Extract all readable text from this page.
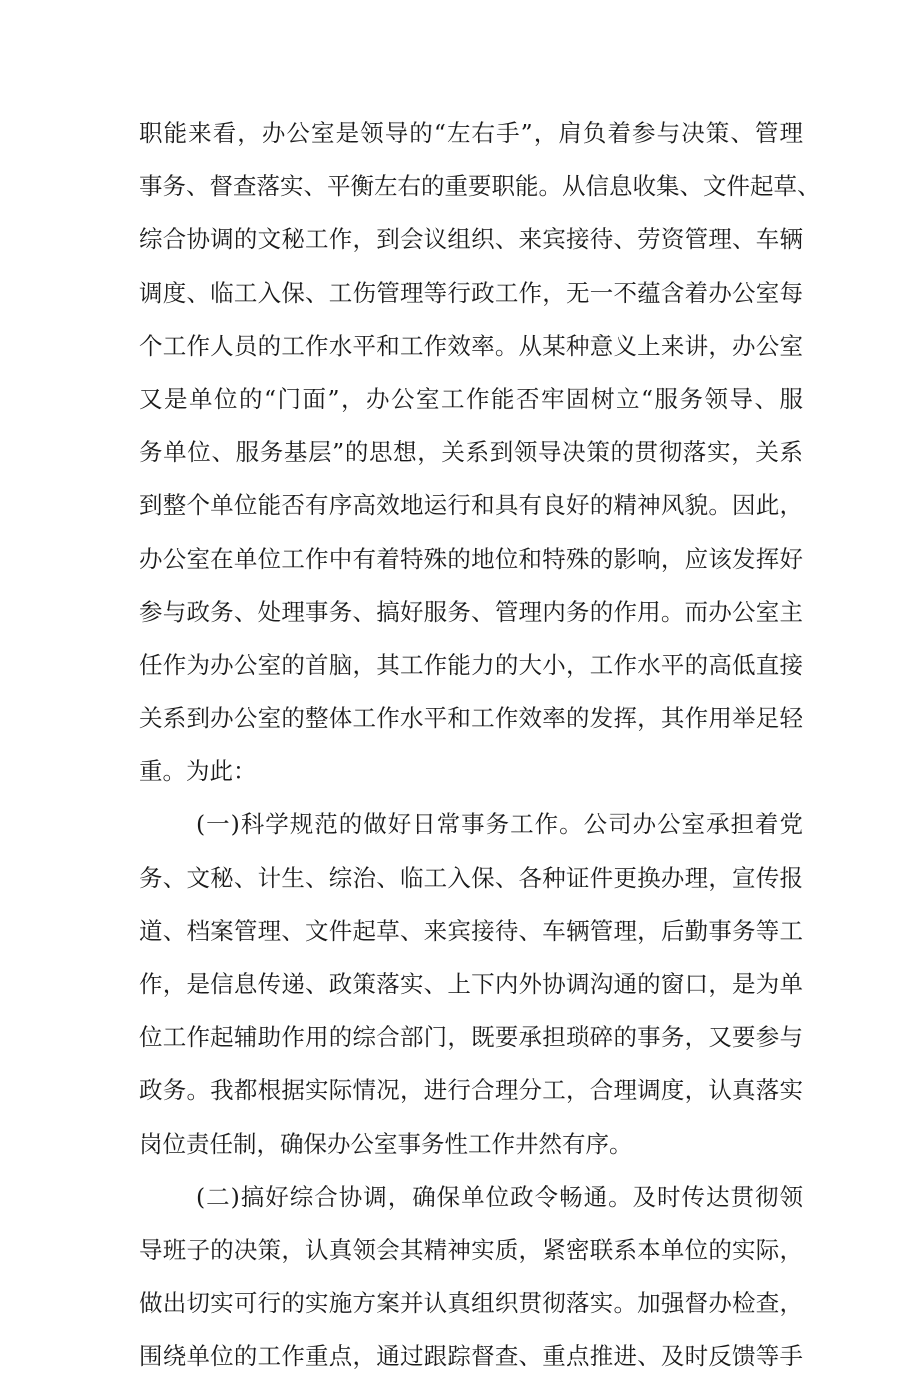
职能来看，办公室是领导的“左右手”，肩负着参与决策、管理
事务、督查落实、平衡左右的重要职能。从信息收集、文件起草、
综合协调的文秘工作，到会议组织、来宾接待、劳资管理、车辆
调度、临工入保、工伤管理等行政工作，无一不蕴含着办公室每
个工作人员的工作水平和工作效率。从某种意义上来讲，办公室
又是单位的“门面”，办公室工作能否牢固树立“服务领导、服
务单位、服务基层”的思想，关系到领导决策的贯彻落实，关系
到整个单位能否有序高效地运行和具有良好的精神风貌。因此，
办公室在单位工作中有着特殊的地位和特殊的影响，应该发挥好
参与政务、处理事务、搞好服务、管理内务的作用。而办公室主
任作为办公室的首脑，其工作能力的大小，工作水平的高低直接
关系到办公室的整体工作水平和工作效率的发挥，其作用举足轻
重。为此：
(一)科学规范的做好日常事务工作。公司办公室承担着党
务、文秘、计生、综治、临工入保、各种证件更换办理，宣传报
道、档案管理、文件起草、来宾接待、车辆管理，后勤事务等工
作，是信息传递、政策落实、上下内外协调沟通的窗口，是为单
位工作起辅助作用的综合部门，既要承担琐碎的事务，又要参与
政务。我都根据实际情况，进行合理分工，合理调度，认真落实
岗位责任制，确保办公室事务性工作井然有序。
(二)搞好综合协调，确保单位政令畅通。及时传达贯彻领
导班子的决策，认真领会其精神实质，紧密联系本单位的实际，
做出切实可行的实施方案并认真组织贯彻落实。加强督办检查，
围绕单位的工作重点，通过跟踪督查、重点推进、及时反馈等手
